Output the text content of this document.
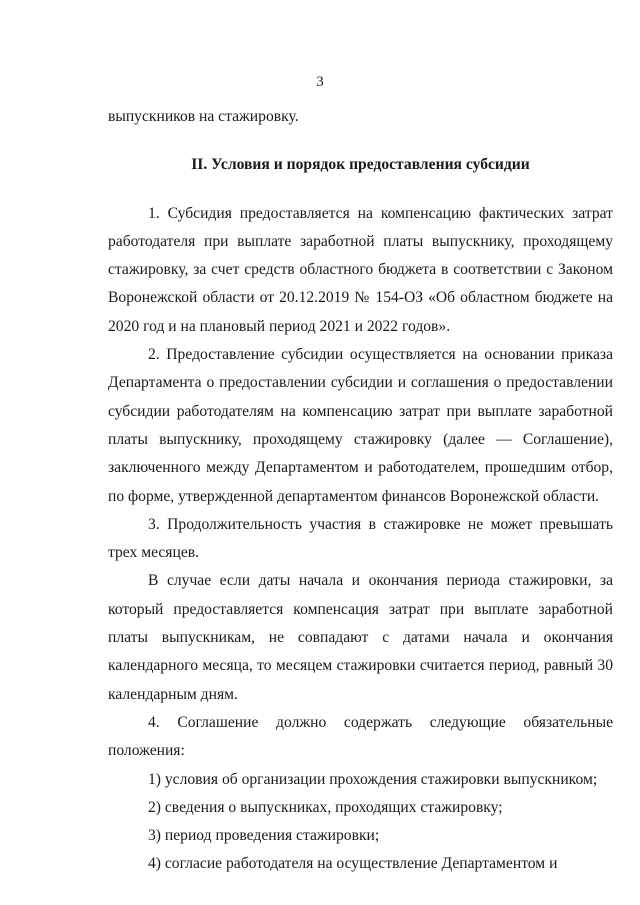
3

выпускников на стажировку.

II. Условия и порядок предоставления субсидии

1. Субсидия предоставляется на компенсацию фактических затрат работодателя при выплате заработной платы выпускнику, проходящему стажировку, за счет средств областного бюджета в соответствии с Законом Воронежской области от 20.12.2019 № 154-ОЗ «Об областном бюджете на 2020 год и на плановый период 2021 и 2022 годов».

2. Предоставление субсидии осуществляется на основании приказа Департамента о предоставлении субсидии и соглашения о предоставлении субсидии работодателям на компенсацию затрат при выплате заработной платы выпускнику, проходящему стажировку (далее — Соглашение), заключенного между Департаментом и работодателем, прошедшим отбор, по форме, утвержденной департаментом финансов Воронежской области.

3. Продолжительность участия в стажировке не может превышать трех месяцев.

В случае если даты начала и окончания периода стажировки, за который предоставляется компенсация затрат при выплате заработной платы выпускникам, не совпадают с датами начала и окончания календарного месяца, то месяцем стажировки считается период, равный 30 календарным дням.

4. Соглашение должно содержать следующие обязательные положения:

1) условия об организации прохождения стажировки выпускником;

2) сведения о выпускниках, проходящих стажировку;

3) период проведения стажировки;

4) согласие работодателя на осуществление Департаментом и
